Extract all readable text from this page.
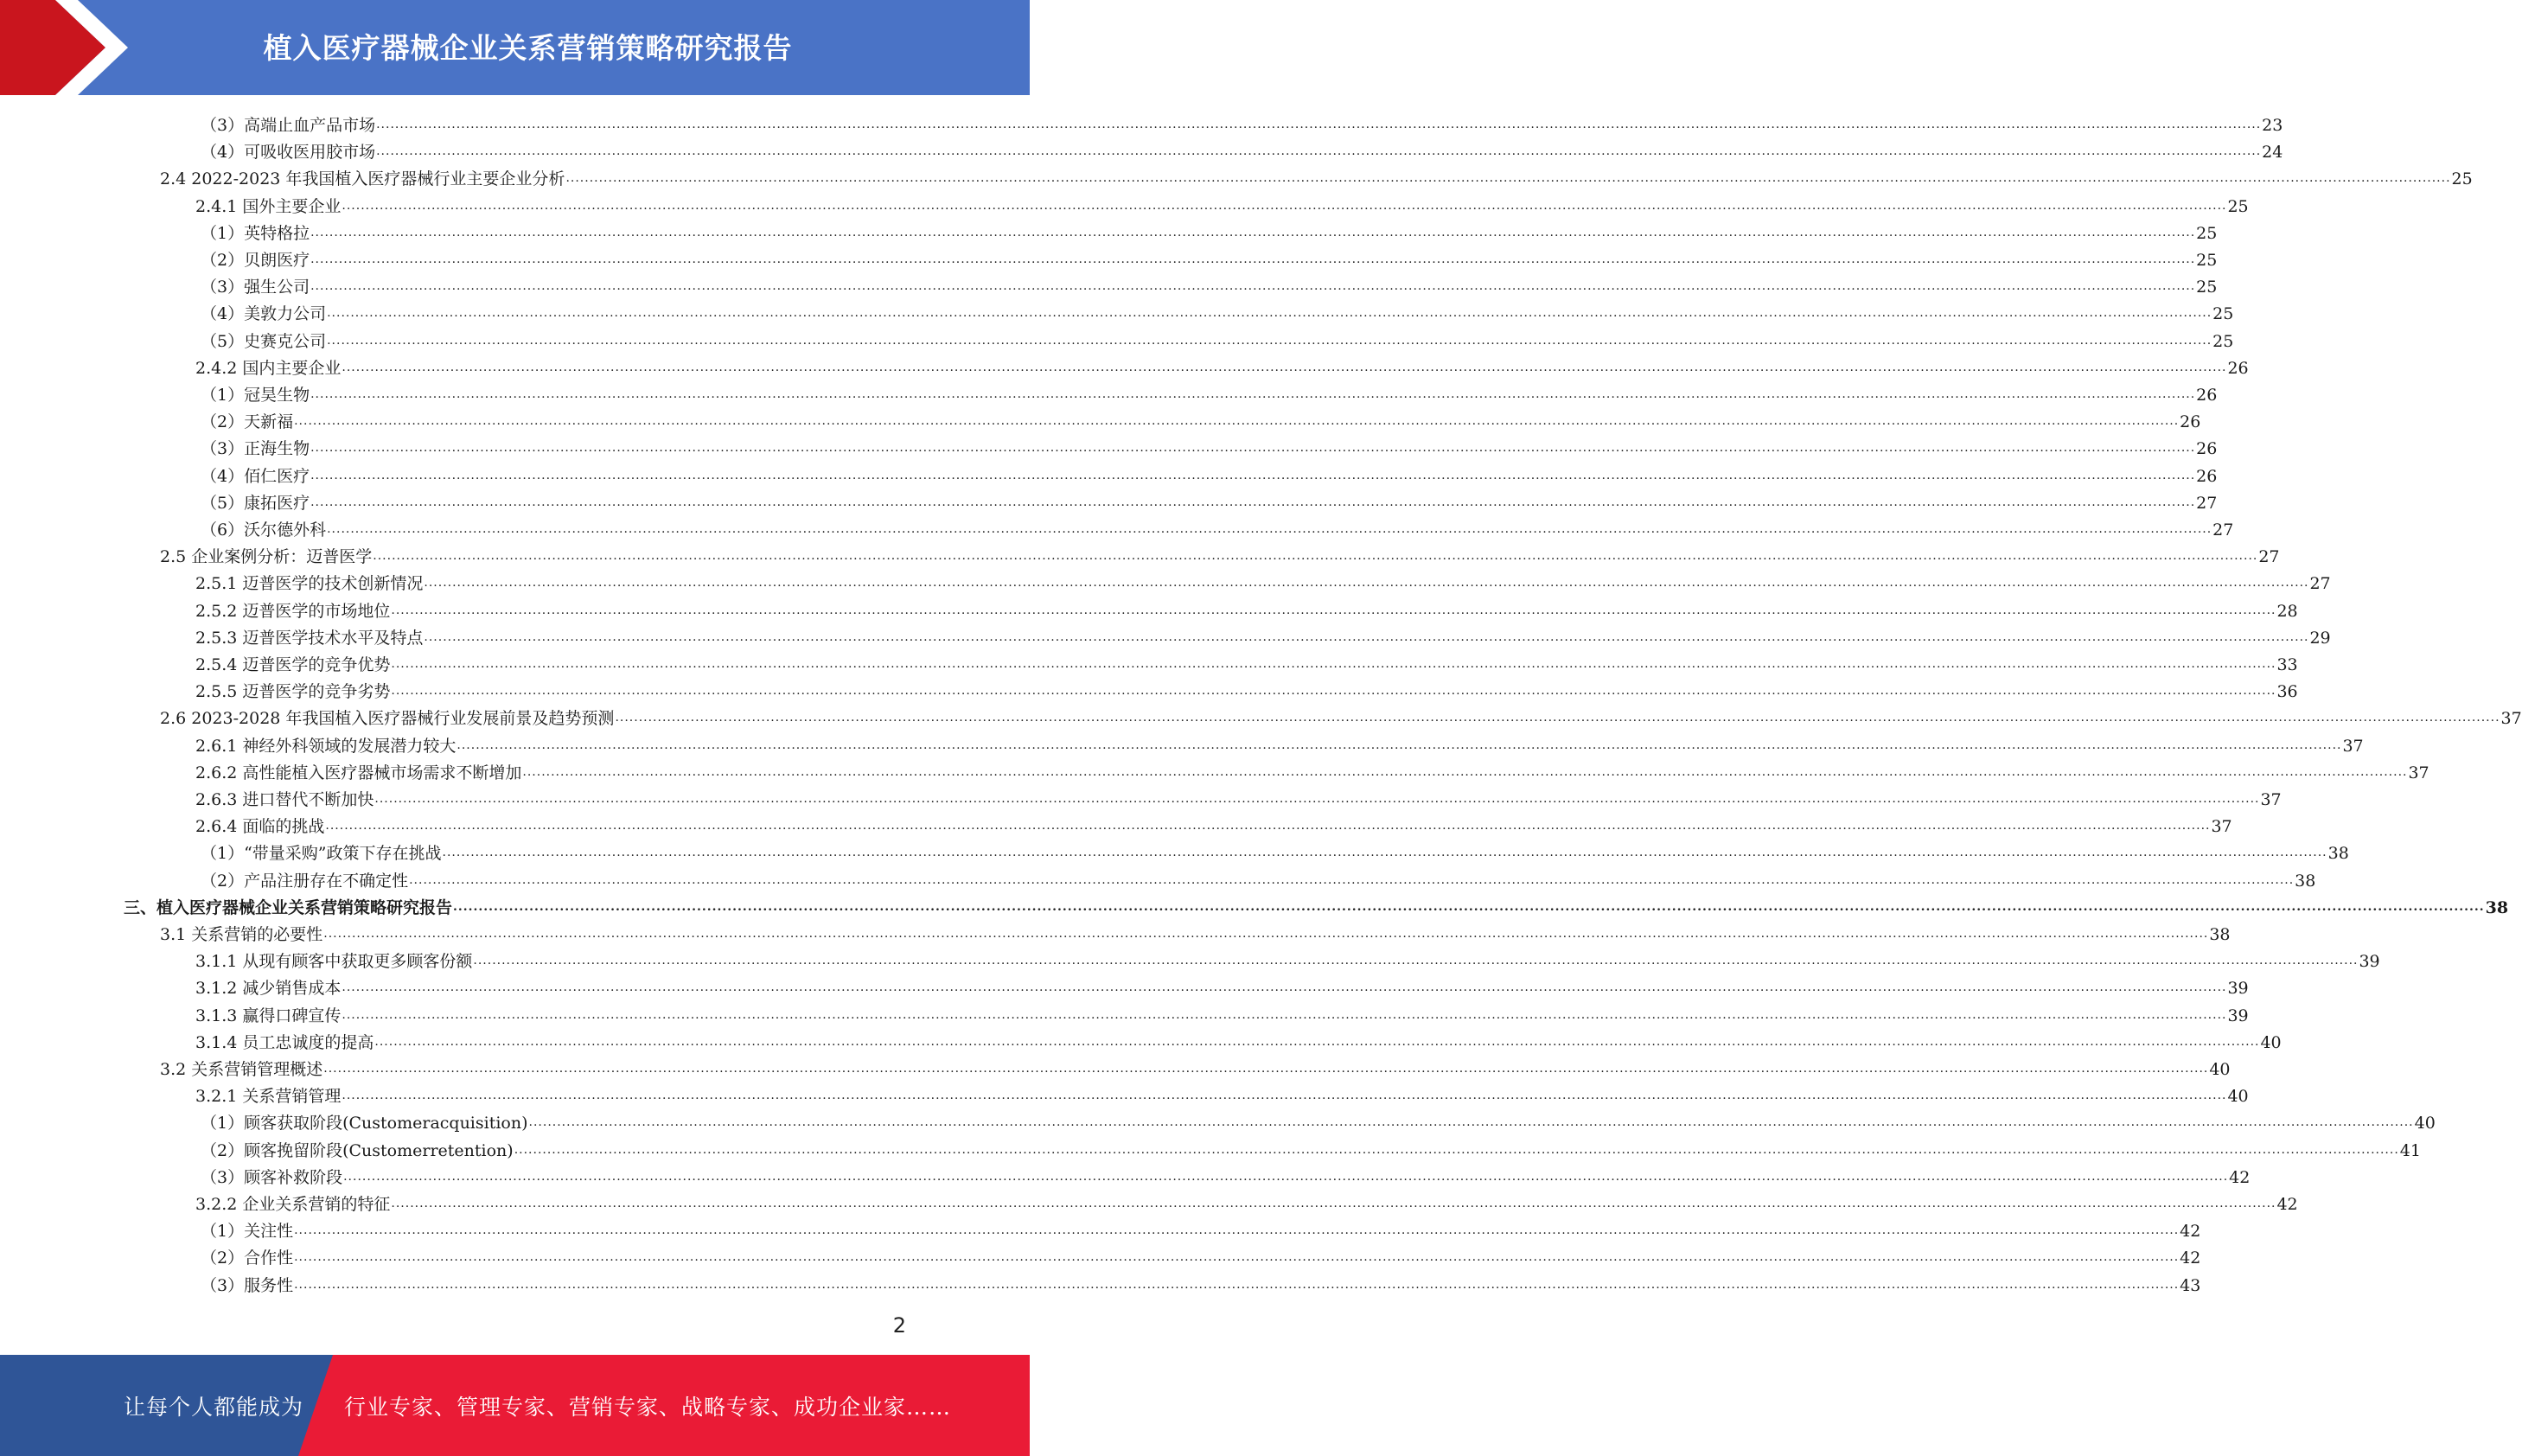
植入医疗器械企业关系营销策略研究报告
（3）高端止血产品市场 ................................................................................................................................................................................................................................................................................................................................................................................................................ 23
（4）可吸收医用胶市场 ................................................................................................................................................................................................................................................................................................................................................................................................................ 24
2.4 2022-2023 年我国植入医疗器械行业主要企业分析 ................................................................................................................................................................................................................................................................................................................................................................................................................ 25
2.4.1 国外主要企业 ................................................................................................................................................................................................................................................................................................................................................................................................................ 25
（1）英特格拉 ................................................................................................................................................................................................................................................................................................................................................................................................................ 25
（2）贝朗医疗 ................................................................................................................................................................................................................................................................................................................................................................................................................ 25
（3）强生公司 ................................................................................................................................................................................................................................................................................................................................................................................................................ 25
（4）美敦力公司 ................................................................................................................................................................................................................................................................................................................................................................................................................ 25
（5）史赛克公司 ................................................................................................................................................................................................................................................................................................................................................................................................................ 25
2.4.2 国内主要企业 ................................................................................................................................................................................................................................................................................................................................................................................................................ 26
（1）冠昊生物 ................................................................................................................................................................................................................................................................................................................................................................................................................ 26
（2）天新福 ................................................................................................................................................................................................................................................................................................................................................................................................................ 26
（3）正海生物 ................................................................................................................................................................................................................................................................................................................................................................................................................ 26
（4）佰仁医疗 ................................................................................................................................................................................................................................................................................................................................................................................................................ 26
（5）康拓医疗 ................................................................................................................................................................................................................................................................................................................................................................................................................ 27
（6）沃尔德外科 ................................................................................................................................................................................................................................................................................................................................................................................................................ 27
2.5 企业案例分析：迈普医学 ................................................................................................................................................................................................................................................................................................................................................................................................................ 27
2.5.1 迈普医学的技术创新情况 ................................................................................................................................................................................................................................................................................................................................................................................................................ 27
2.5.2 迈普医学的市场地位 ................................................................................................................................................................................................................................................................................................................................................................................................................ 28
2.5.3 迈普医学技术水平及特点 ................................................................................................................................................................................................................................................................................................................................................................................................................ 29
2.5.4 迈普医学的竞争优势 ................................................................................................................................................................................................................................................................................................................................................................................................................ 33
2.5.5 迈普医学的竞争劣势 ................................................................................................................................................................................................................................................................................................................................................................................................................ 36
2.6 2023-2028 年我国植入医疗器械行业发展前景及趋势预测 ................................................................................................................................................................................................................................................................................................................................................................................................................ 37
2.6.1 神经外科领域的发展潜力较大 ................................................................................................................................................................................................................................................................................................................................................................................................................ 37
2.6.2 高性能植入医疗器械市场需求不断增加 ................................................................................................................................................................................................................................................................................................................................................................................................................ 37
2.6.3 进口替代不断加快 ................................................................................................................................................................................................................................................................................................................................................................................................................ 37
2.6.4 面临的挑战 ................................................................................................................................................................................................................................................................................................................................................................................................................ 37
（1）“带量采购”政策下存在挑战 ................................................................................................................................................................................................................................................................................................................................................................................................................ 38
（2）产品注册存在不确定性 ................................................................................................................................................................................................................................................................................................................................................................................................................ 38
三、植入医疗器械企业关系营销策略研究报告 ................................................................................................................................................................................................................................................................................................................................................................................................................ 38
3.1 关系营销的必要性 ................................................................................................................................................................................................................................................................................................................................................................................................................ 38
3.1.1 从现有顾客中获取更多顾客份额 ................................................................................................................................................................................................................................................................................................................................................................................................................ 39
3.1.2 减少销售成本 ................................................................................................................................................................................................................................................................................................................................................................................................................ 39
3.1.3 赢得口碑宣传 ................................................................................................................................................................................................................................................................................................................................................................................................................ 39
3.1.4 员工忠诚度的提高 ................................................................................................................................................................................................................................................................................................................................................................................................................ 40
3.2 关系营销管理概述 ................................................................................................................................................................................................................................................................................................................................................................................................................ 40
3.2.1 关系营销管理 ................................................................................................................................................................................................................................................................................................................................................................................................................ 40
（1）顾客获取阶段(Customeracquisition) ................................................................................................................................................................................................................................................................................................................................................................................................................ 40
（2）顾客挽留阶段(Customerretention) ................................................................................................................................................................................................................................................................................................................................................................................................................ 41
（3）顾客补救阶段 ................................................................................................................................................................................................................................................................................................................................................................................................................ 42
3.2.2 企业关系营销的特征 ................................................................................................................................................................................................................................................................................................................................................................................................................ 42
（1）关注性 ................................................................................................................................................................................................................................................................................................................................................................................................................ 42
（2）合作性 ................................................................................................................................................................................................................................................................................................................................................................................................................ 42
（3）服务性 ................................................................................................................................................................................................................................................................................................................................................................................................................ 43
2
让每个人都能成为 行业专家、管理专家、营销专家、战略专家、成功企业家……
